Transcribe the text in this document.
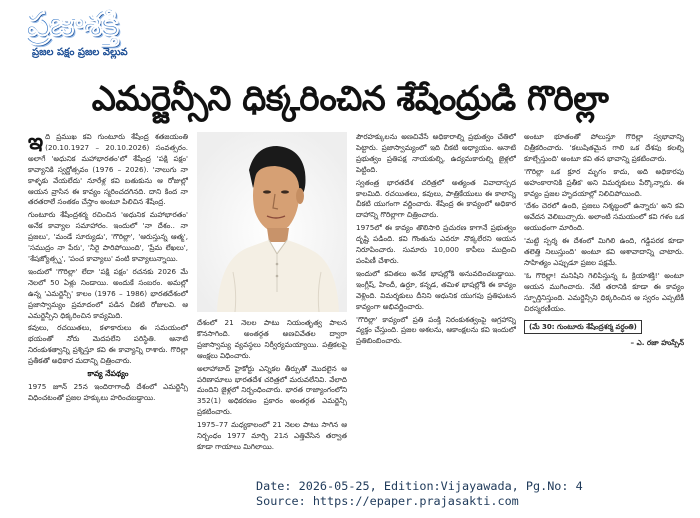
ప్రజాశక్తి
ప్రజల పక్షం ప్రజల వెల్లువ
ఎమర్జెన్సీని ధిక్కరించిన శేషేంద్రుడి గొరిల్లా

ఇది ప్రముఖ కవి గుంటూరు శేషేంద్ర శతజయంతి (20.10.1927 – 20.10.2026) సంవత్సరం. అలాగే 'అధునిక మహాభారతం'లో శేషేంద్ర 'పక్షి పక్షం' కావ్యానికి స్వర్ణోత్సవం (1976 – 2026). 'నాలుగు నా కాళ్ళకు వేయలేదు' నూరేళ్ల కవి బతుకును ఆ రోజుల్లో ఆయన వ్రాసిన ఈ కావ్యం స్మరించదగినది. దాని కింద నా తరతరాలే సంతకం చేస్తాం అంటూ పిలిచిన శేషేంద్ర.

గుంటూరు శేషేంద్రశర్మ రచించిన 'అధునిక మహాభారతం' అనేక కావ్యాల సమాహారం. ఇందులో 'నా దేశం.. నా ప్రజలు', 'మండే సూర్యుడు', 'గొరిల్లా', 'ఆరుస్తున్న ఆత్మ', 'సముద్రం నా పేరు', 'నీరై పారిపోయింది', 'ప్రేమ లేఖలు', 'శేషజ్యోత్స్న', 'పంచ కావ్యాలు' వంటి కావ్యాలున్నాయి.

ఇందులో 'గొరిల్లా' లేదా 'పక్షి పక్షం' రచనకు 2026 మే నెలలో 50 ఏళ్లు నిండాయి. అందుకే సంబరం. అమల్లో ఉన్న 'ఎమర్జెన్సీ' కాలం (1976 – 1986) భారతదేశంలో ప్రజాస్వామ్యం ప్రమాదంలో పడిన చీకటి రోజులవి. ఆ ఎమర్జెన్సీని ధిక్కరించిన కావ్యమిది.

కవులు, రచయితలు, కళాకారులు ఈ సమయంలో భయంతో నోరు మెదపలేని పరిస్థితి. ఆనాటి నిరంకుశత్వాన్ని ప్రశ్నిస్తూ కవి ఈ కావ్యాన్ని రాశారు. గొరిల్లా ప్రతీకతో అధికార మదాన్ని చిత్రించారు.

కావ్య నేపథ్యం

1975 జూన్ 25న ఇందిరాగాంధీ దేశంలో ఎమర్జెన్సీ విధించటంతో ప్రజల హక్కులు హరించబడ్డాయి.

దేశంలో 21 నెలల పాటు నియంతృత్వ పాలన కొనసాగింది. అంతర్గత అణచివేతల ద్వారా ప్రజాస్వామ్య వ్యవస్థలు నిర్వీర్యమయ్యాయి. పత్రికలపై ఆంక్షలు విధించారు.

అలాహాబాద్ హైకోర్టు ఎన్నికల తీర్పుతో మొదలైన ఆ పరిణామాలు భారతదేశ చరిత్రలో మరువలేనివి. వేలాది మందిని జైళ్లలో నిర్బంధించారు. భారత రాజ్యాంగంలోని 352(1) అధికరణం ప్రకారం అంతర్గత ఎమర్జెన్సీ ప్రకటించారు.

1975–77 మధ్యకాలంలో 21 నెలల పాటు సాగిన ఆ నిర్బంధం 1977 మార్చి 21న ఎత్తివేసిన తర్వాత కూడా గాయాలు మిగిలాయి.

పౌరహక్కులను అణచివేసే అధికారాల్ని ప్రభుత్వం చేతిలో పెట్టారు. ప్రజాస్వామ్యంలో ఇది చీకటి అధ్యాయం. ఆనాటి ప్రభుత్వం ప్రతిపక్ష నాయకుల్ని, ఉద్యమకారుల్ని జైళ్లలో పెట్టింది.

స్వతంత్ర భారతదేశ చరిత్రలో అత్యంత వివాదాస్పద కాలమిది. రచయితలు, కవులు, పాత్రికేయులు ఈ కాలాన్ని చీకటి యుగంగా వర్ణించారు. శేషేంద్ర ఈ కావ్యంలో అధికార దాహాన్ని గొరిల్లాగా చిత్రించారు.

1975లో ఈ కావ్యం తొలిసారి ప్రచురణ కాగానే ప్రభుత్వం దృష్టి పడింది. కవి గొంతును ఎవరూ నొక్కలేరని ఆయన నిరూపించారు. సుమారు 10,000 కాపీలు ముద్రించి పంపిణీ చేశారు.

ఇందులో కవితలు అనేక భాషల్లోకి అనువదించబడ్డాయి. ఇంగ్లీష్, హిందీ, ఉర్దూ, కన్నడ, తమిళ భాషల్లోకి ఈ కావ్యం వెళ్లింది. విమర్శకులు దీనిని ఆధునిక యుగపు ప్రతిఘటన కావ్యంగా అభివర్ణించారు.

'గొరిల్లా' కావ్యంలో ప్రతి పంక్తి నిరంకుశత్వంపై ఆగ్రహాన్ని వ్యక్తం చేస్తుంది. ప్రజల ఆశలను, ఆకాంక్షలను కవి ఇందులో ప్రతిబింబించారు.

అంటూ భూతంతో పోలుస్తూ గొరిల్లా స్వభావాన్ని చిత్రీకరించారు. 'కలుషితమైన గాలి ఒక దేశపు కలల్ని కూల్చేస్తుంది' అంటూ కవి తన భావాన్ని ప్రకటించారు.

'గొరిల్లా ఒక క్రూర మృగం కాదు, అది అధికారపు అహంకారానికి ప్రతీక' అని విమర్శకులు పేర్కొన్నారు. ఈ కావ్యం ప్రజల హృదయాల్లో నిలిచిపోయింది.

'దేశం చెరలో ఉంది, ప్రజలు నిశ్శబ్దంలో ఉన్నారు' అని కవి ఆవేదన వెలిబుచ్చారు. అలాంటి సమయంలో కవి గళం ఒక ఆయుధంగా మారింది.

'మట్టి స్పర్శ ఈ దేశంలో మిగిలి ఉంది, గడ్డిపరక కూడా తలెత్తి నిలుస్తుంది' అంటూ కవి ఆశావాదాన్ని చాటారు. సాహిత్యం ఎప్పుడూ ప్రజల పక్షమే.

'ఓ గొరిల్లా! మనిషిని గెలిపిస్తున్న ఓ క్రియాశక్తి!' అంటూ ఆయన ముగించారు. నేటి తరానికి కూడా ఈ కావ్యం స్ఫూర్తినిస్తుంది. ఎమర్జెన్సీని ధిక్కరించిన ఆ స్వరం ఎప్పటికీ చిరస్మరణీయం.

(మే 30: గుంటూరు శేషేంద్రశర్మ వర్ధంతి)
– ఎ. రజా హుస్సేన్
Date: 2026-05-25, Edition:Vijayawada, Pg.No: 4
Source: https://epaper.prajasakti.com
